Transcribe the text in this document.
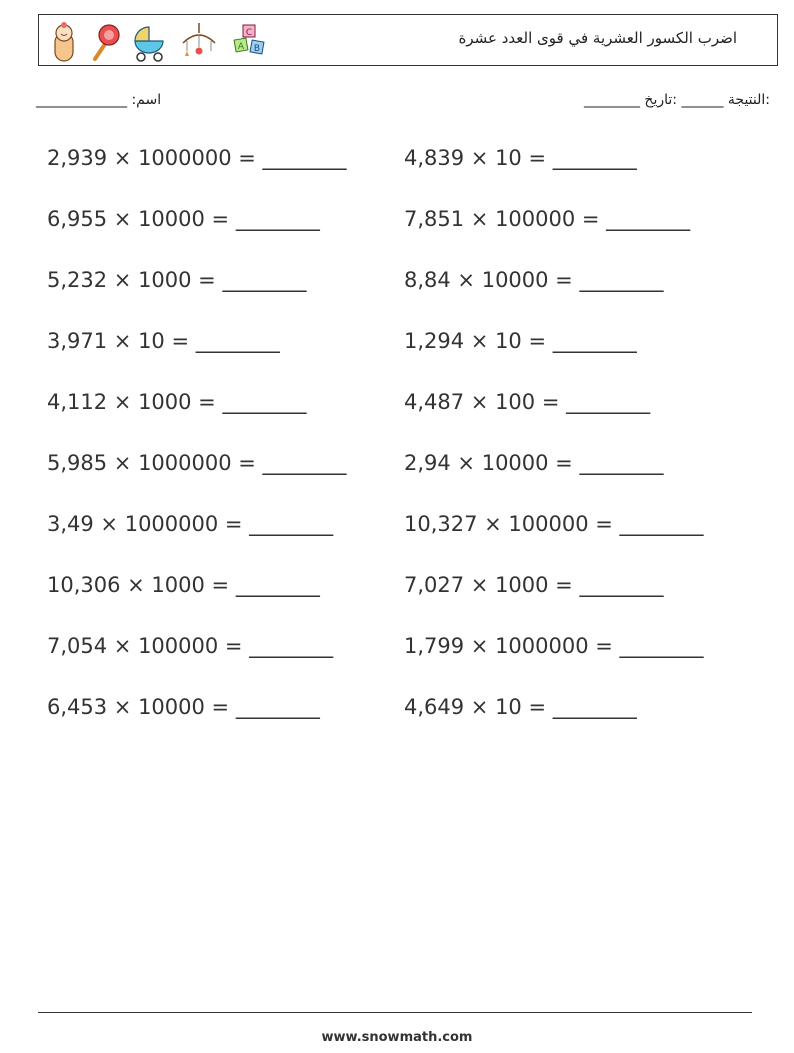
C
A B
اضرب الكسور العشرية في قوى العدد عشرة
_____________ :اسم	________ النتيجة ______ :تاريخ:
2,939 × 1000000 = ________	4,839 × 10 = ________
6,955 × 10000 = ________	7,851 × 100000 = ________
5,232 × 1000 = ________	8,84 × 10000 = ________
3,971 × 10 = ________	1,294 × 10 = ________
4,112 × 1000 = ________	4,487 × 100 = ________
5,985 × 1000000 = ________	2,94 × 10000 = ________
3,49 × 1000000 = ________	10,327 × 100000 = ________
10,306 × 1000 = ________	7,027 × 1000 = ________
7,054 × 100000 = ________	1,799 × 1000000 = ________
6,453 × 10000 = ________	4,649 × 10 = ________
www.snowmath.com
